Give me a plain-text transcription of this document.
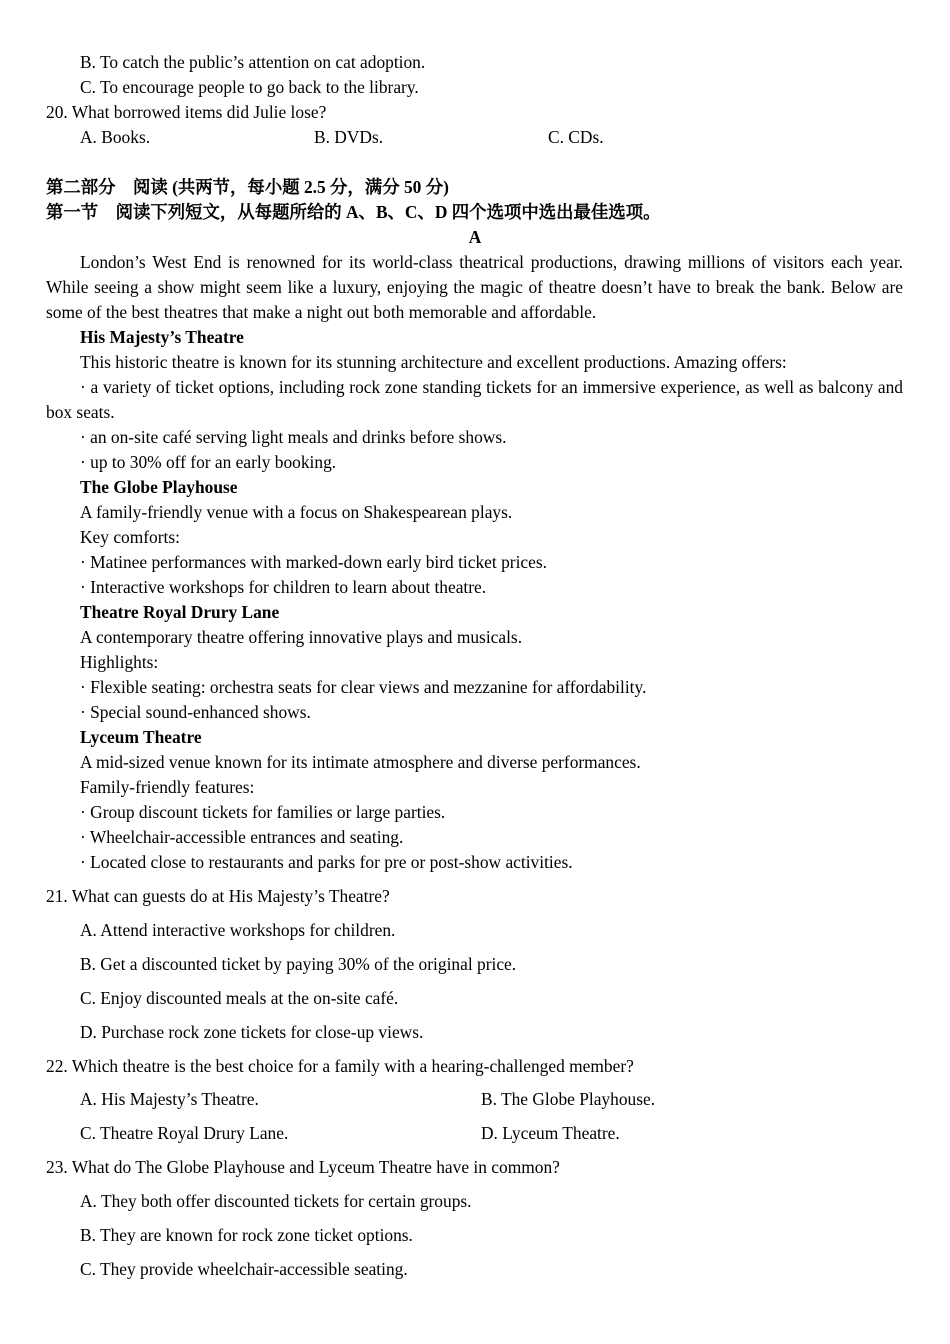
B. To catch the public’s attention on cat adoption.
C. To encourage people to go back to the library.
20. What borrowed items did Julie lose?
A. Books.	B. DVDs.	C. CDs.
第二部分　阅读 (共两节，每小题 2.5 分，满分 50 分)
第一节　阅读下列短文，从每题所给的 A、B、C、D 四个选项中选出最佳选项。
A
London’s West End is renowned for its world-class theatrical productions, drawing millions of visitors each year. While seeing a show might seem like a luxury, enjoying the magic of theatre doesn’t have to break the bank. Below are some of the best theatres that make a night out both memorable and affordable.
His Majesty’s Theatre
This historic theatre is known for its stunning architecture and excellent productions. Amazing offers:
· a variety of ticket options, including rock zone standing tickets for an immersive experience, as well as balcony and box seats.
· an on-site café serving light meals and drinks before shows.
· up to 30% off for an early booking.
The Globe Playhouse
A family-friendly venue with a focus on Shakespearean plays.
Key comforts:
· Matinee performances with marked-down early bird ticket prices.
· Interactive workshops for children to learn about theatre.
Theatre Royal Drury Lane
A contemporary theatre offering innovative plays and musicals.
Highlights:
· Flexible seating: orchestra seats for clear views and mezzanine for affordability.
· Special sound-enhanced shows.
Lyceum Theatre
A mid-sized venue known for its intimate atmosphere and diverse performances.
Family-friendly features:
· Group discount tickets for families or large parties.
· Wheelchair-accessible entrances and seating.
· Located close to restaurants and parks for pre or post-show activities.
21. What can guests do at His Majesty’s Theatre?
A. Attend interactive workshops for children.
B. Get a discounted ticket by paying 30% of the original price.
C. Enjoy discounted meals at the on-site café.
D. Purchase rock zone tickets for close-up views.
22. Which theatre is the best choice for a family with a hearing-challenged member?
A. His Majesty’s Theatre.	B. The Globe Playhouse.
C. Theatre Royal Drury Lane.	D. Lyceum Theatre.
23. What do The Globe Playhouse and Lyceum Theatre have in common?
A. They both offer discounted tickets for certain groups.
B. They are known for rock zone ticket options.
C. They provide wheelchair-accessible seating.
